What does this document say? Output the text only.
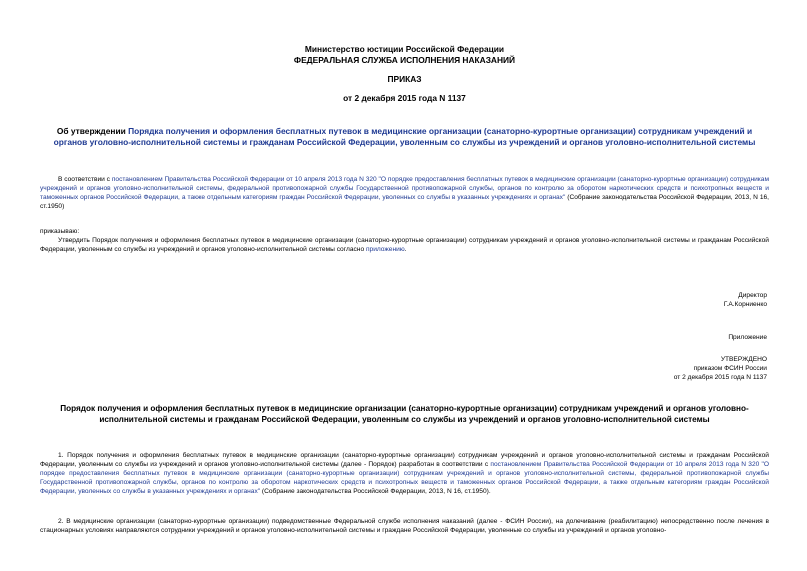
Министерство юстиции Российской Федерации
ФЕДЕРАЛЬНАЯ СЛУЖБА ИСПОЛНЕНИЯ НАКАЗАНИЙ
ПРИКАЗ
от 2 декабря 2015 года N 1137
Об утверждении Порядка получения и оформления бесплатных путевок в медицинские организации (санаторно-курортные организации) сотрудникам учреждений и органов уголовно-исполнительной системы и гражданам Российской Федерации, уволенным со службы из учреждений и органов уголовно-исполнительной системы
В соответствии с постановлением Правительства Российской Федерации от 10 апреля 2013 года N 320 "О порядке предоставления бесплатных путевок в медицинские организации (санаторно-курортные организации) сотрудникам учреждений и органов уголовно-исполнительной системы, федеральной противопожарной службы Государственной противопожарной службы, органов по контролю за оборотом наркотических средств и психотропных веществ и таможенных органов Российской Федерации, а также отдельным категориям граждан Российской Федерации, уволенных со службы в указанных учреждениях и органах" (Собрание законодательства Российской Федерации, 2013, N 16, ст.1950)
приказываю:
Утвердить Порядок получения и оформления бесплатных путевок в медицинские организации (санаторно-курортные организации) сотрудникам учреждений и органов уголовно-исполнительной системы и гражданам Российской Федерации, уволенным со службы из учреждений и органов уголовно-исполнительной системы согласно приложению.
Директор
Г.А.Корниенко
Приложение
УТВЕРЖДЕНО
приказом ФСИН России
от 2 декабря 2015 года N 1137
Порядок получения и оформления бесплатных путевок в медицинские организации (санаторно-курортные организации) сотрудникам учреждений и органов уголовно-исполнительной системы и гражданам Российской Федерации, уволенным со службы из учреждений и органов уголовно-исполнительной системы
1. Порядок получения и оформления бесплатных путевок в медицинские организации (санаторно-курортные организации) сотрудникам учреждений и органов уголовно-исполнительной системы и гражданам Российской Федерации, уволенным со службы из учреждений и органов уголовно-исполнительной системы (далее - Порядок) разработан в соответствии с постановлением Правительства Российской Федерации от 10 апреля 2013 года N 320 "О порядке предоставления бесплатных путевок в медицинские организации (санаторно-курортные организации) сотрудникам учреждений и органов уголовно-исполнительной системы, федеральной противопожарной службы Государственной противопожарной службы, органов по контролю за оборотом наркотических средств и психотропных веществ и таможенных органов Российской Федерации, а также отдельным категориям граждан Российской Федерации, уволенных со службы в указанных учреждениях и органах" (Собрание законодательства Российской Федерации, 2013, N 16, ст.1950).
2. В медицинские организации (санаторно-курортные организации) подведомственные Федеральной службе исполнения наказаний (далее - ФСИН России), на долечивание (реабилитацию) непосредственно после лечения в стационарных условиях направляются сотрудники учреждений и органов уголовно-исполнительной системы и граждане Российской Федерации, уволенные со службы из учреждений и органов уголовно-
